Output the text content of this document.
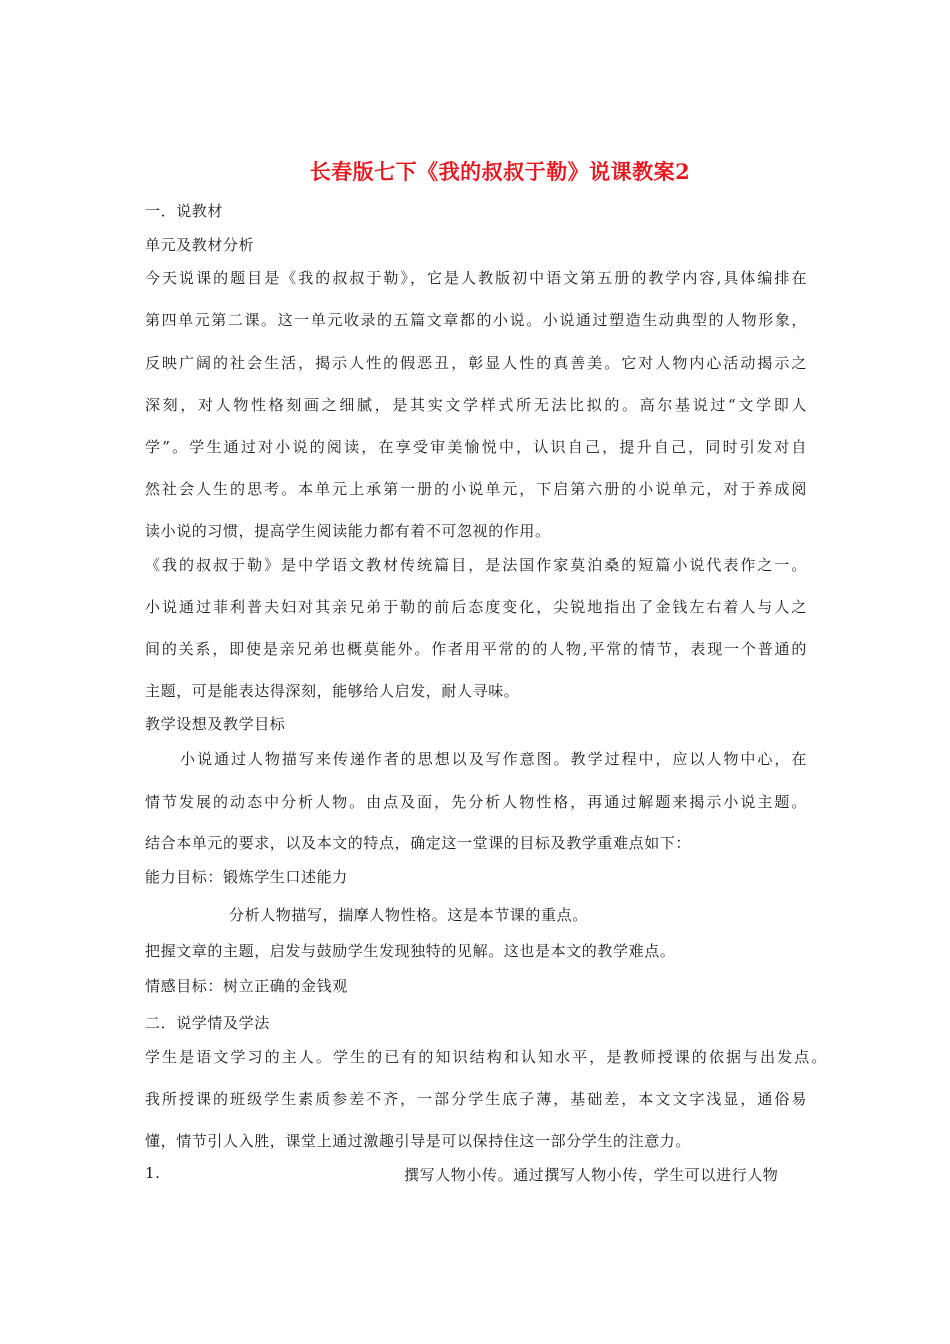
长春版七下《我的叔叔于勒》说课教案2
一．说教材
单元及教材分析
今天说课的题目是《我的叔叔于勒》，它是人教版初中语文第五册的教学内容,具体编排在
第四单元第二课。这一单元收录的五篇文章都的小说。小说通过塑造生动典型的人物形象，
反映广阔的社会生活，揭示人性的假恶丑，彰显人性的真善美。它对人物内心活动揭示之
深刻，对人物性格刻画之细腻，是其实文学样式所无法比拟的。高尔基说过“文学即人
学”。学生通过对小说的阅读，在享受审美愉悦中，认识自己，提升自己，同时引发对自
然社会人生的思考。本单元上承第一册的小说单元，下启第六册的小说单元，对于养成阅
读小说的习惯，提高学生阅读能力都有着不可忽视的作用。
《我的叔叔于勒》是中学语文教材传统篇目，是法国作家莫泊桑的短篇小说代表作之一。
小说通过菲利普夫妇对其亲兄弟于勒的前后态度变化，尖锐地指出了金钱左右着人与人之
间的关系，即使是亲兄弟也概莫能外。作者用平常的的人物,平常的情节，表现一个普通的
主题，可是能表达得深刻，能够给人启发，耐人寻味。
教学设想及教学目标
小说通过人物描写来传递作者的思想以及写作意图。教学过程中，应以人物中心，在
情节发展的动态中分析人物。由点及面，先分析人物性格，再通过解题来揭示小说主题。
结合本单元的要求，以及本文的特点，确定这一堂课的目标及教学重难点如下：
能力目标：锻炼学生口述能力
分析人物描写，揣摩人物性格。这是本节课的重点。
把握文章的主题，启发与鼓励学生发现独特的见解。这也是本文的教学难点。
情感目标：树立正确的金钱观
二．说学情及学法
学生是语文学习的主人。学生的已有的知识结构和认知水平，是教师授课的依据与出发点。
我所授课的班级学生素质参差不齐，一部分学生底子薄，基础差，本文文字浅显，通俗易
懂，情节引人入胜，课堂上通过激趣引导是可以保持住这一部分学生的注意力。
1.	撰写人物小传。通过撰写人物小传，学生可以进行人物
